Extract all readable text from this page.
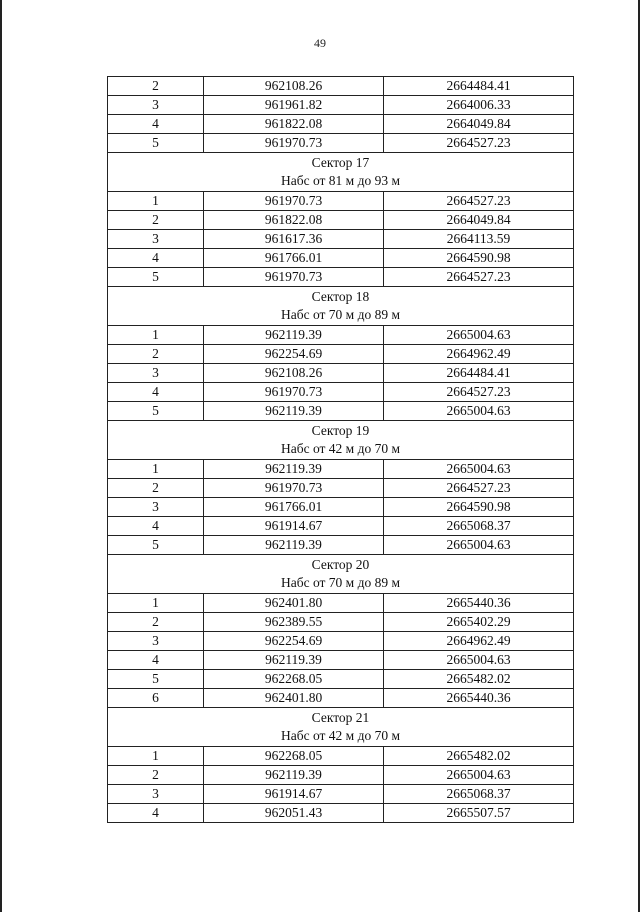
49
2	962108.26	2664484.41
3	961961.82	2664006.33
4	961822.08	2664049.84
5	961970.73	2664527.23

Сектор 17
Набс от 81 м до 93 м		

1	961970.73	2664527.23
2	961822.08	2664049.84
3	961617.36	2664113.59
4	961766.01	2664590.98
5	961970.73	2664527.23

Сектор 18
Набс от 70 м до 89 м		

1	962119.39	2665004.63
2	962254.69	2664962.49
3	962108.26	2664484.41
4	961970.73	2664527.23
5	962119.39	2665004.63

Сектор 19
Набс от 42 м до 70 м		

1	962119.39	2665004.63
2	961970.73	2664527.23
3	961766.01	2664590.98
4	961914.67	2665068.37
5	962119.39	2665004.63

Сектор 20
Набс от 70 м до 89 м		

1	962401.80	2665440.36
2	962389.55	2665402.29
3	962254.69	2664962.49
4	962119.39	2665004.63
5	962268.05	2665482.02
6	962401.80	2665440.36

Сектор 21
Набс от 42 м до 70 м		

1	962268.05	2665482.02
2	962119.39	2665004.63
3	961914.67	2665068.37
4	962051.43	2665507.57
